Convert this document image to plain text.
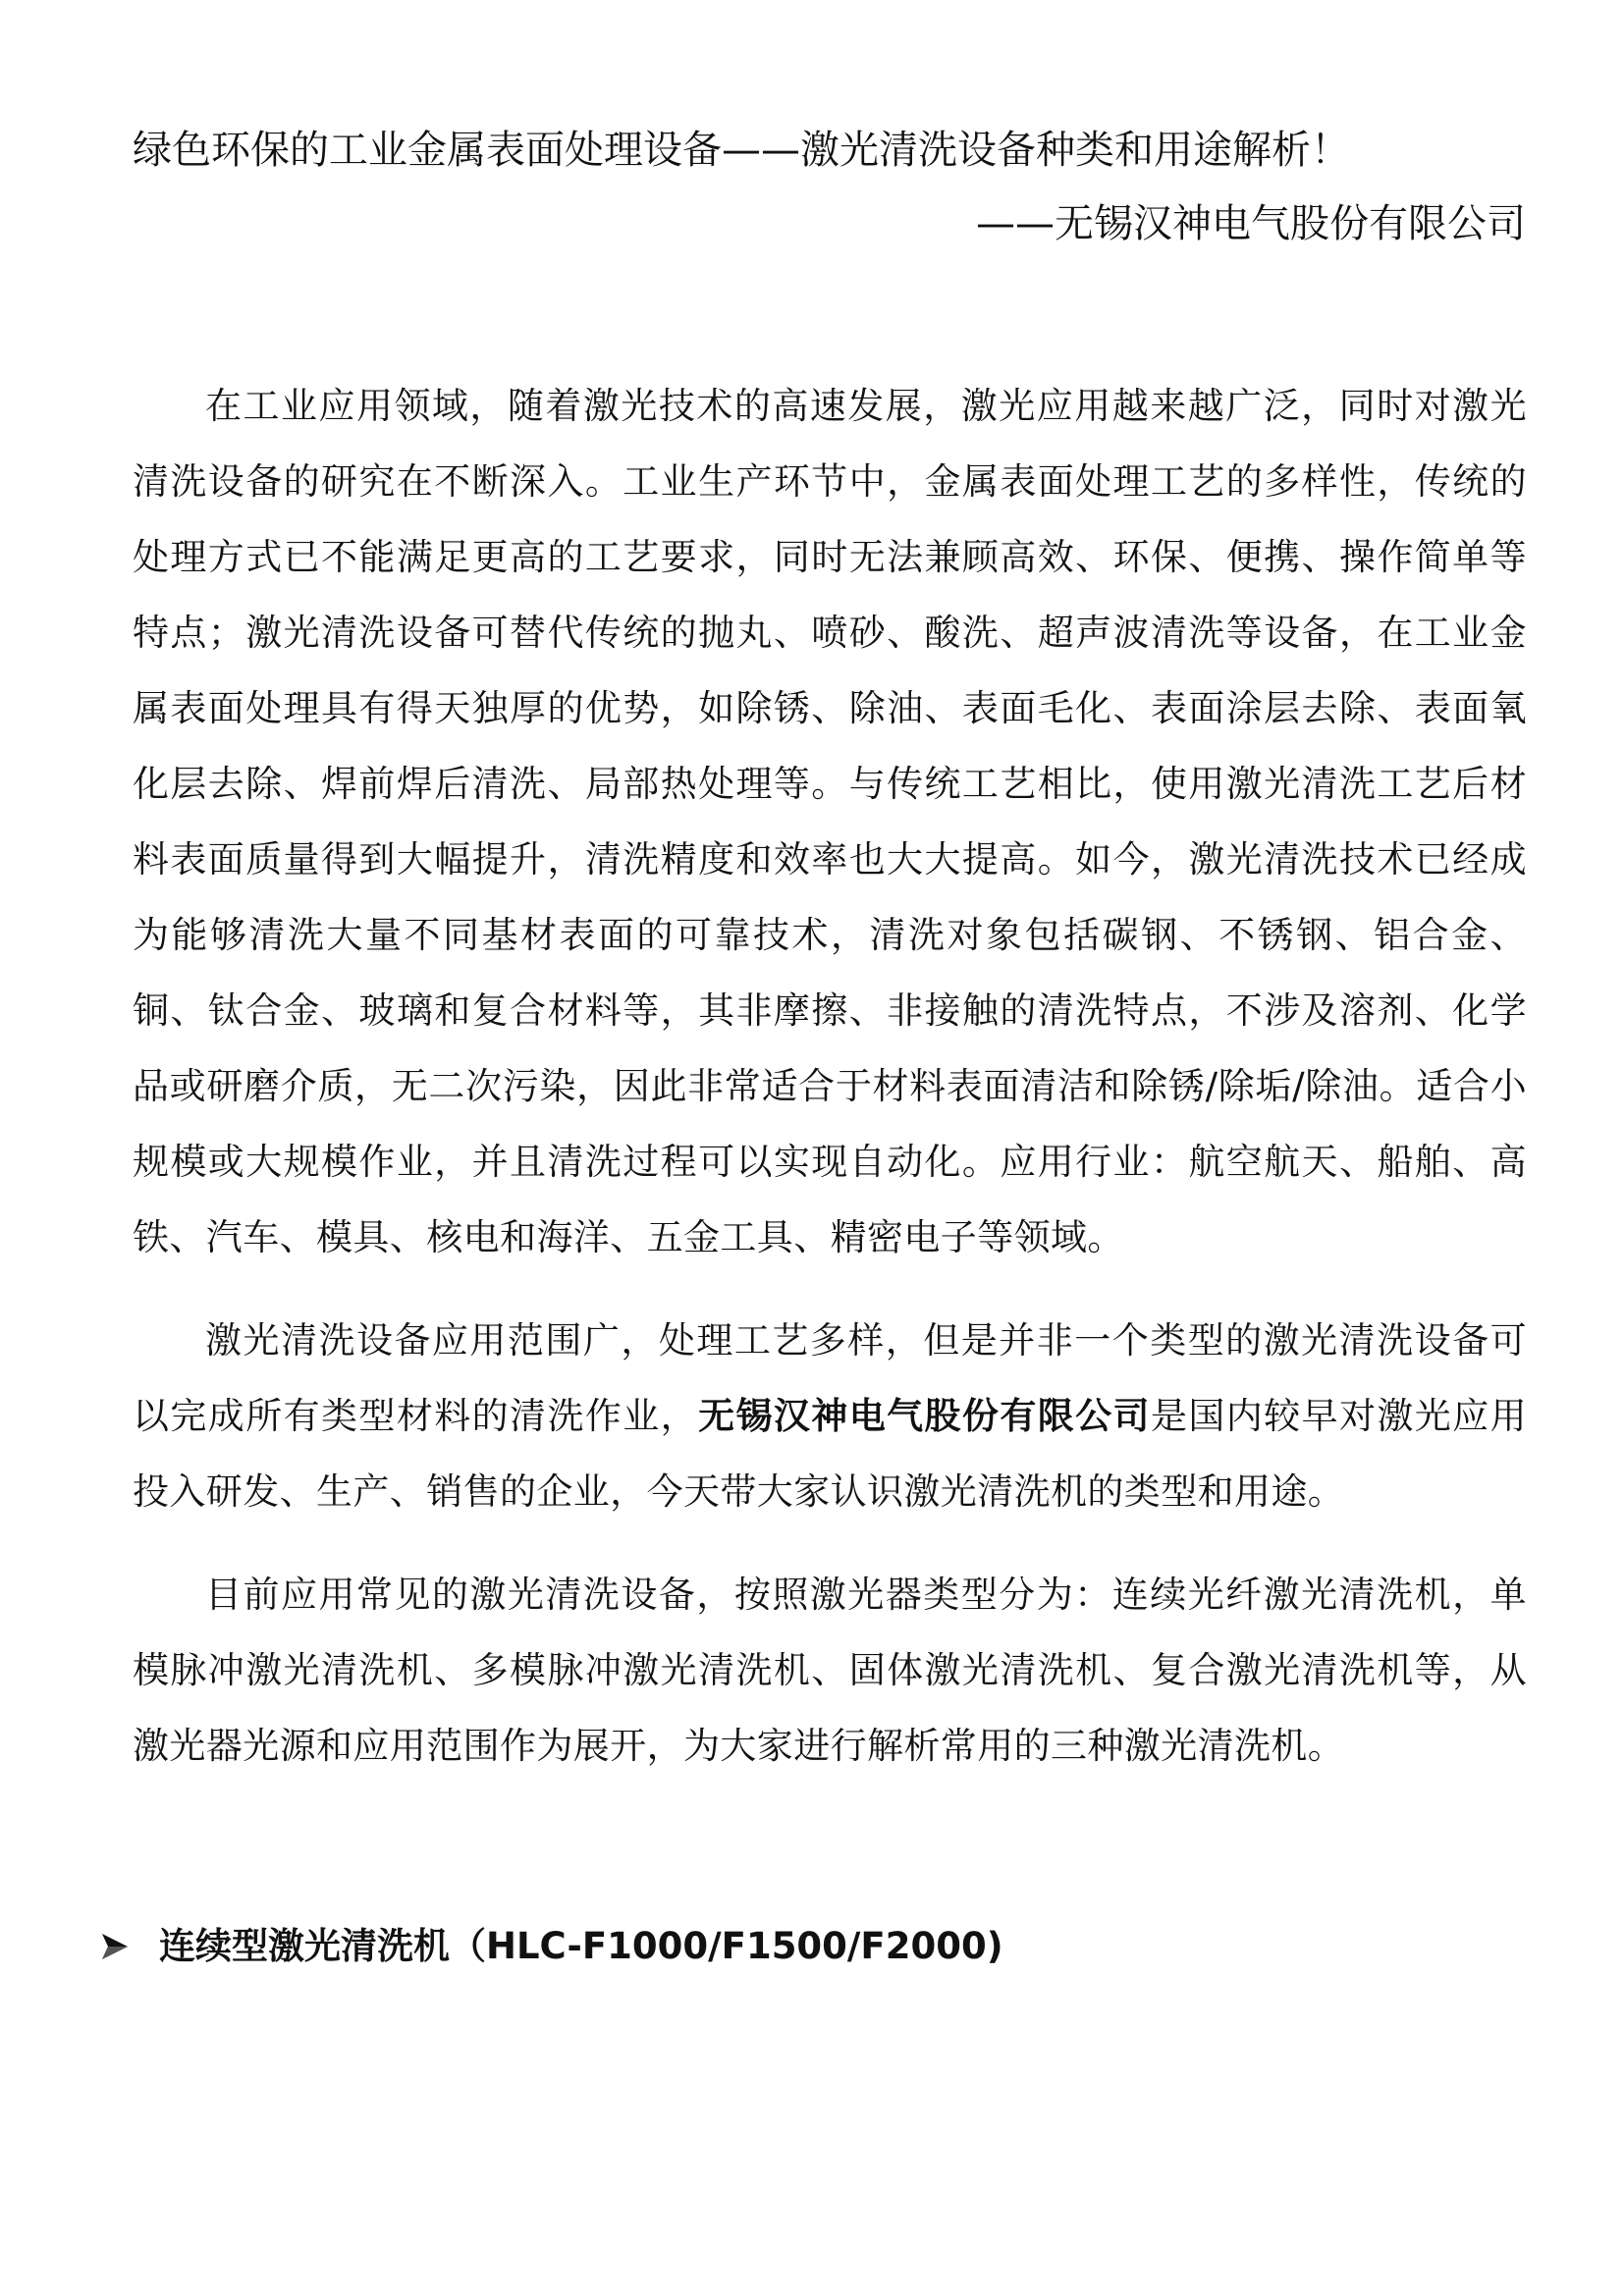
绿色环保的工业金属表面处理设备——激光清洗设备种类和用途解析！

——无锡汉神电气股份有限公司

在工业应用领域，随着激光技术的高速发展，激光应用越来越广泛，同时对激光清洗设备的研究在不断深入。工业生产环节中，金属表面处理工艺的多样性，传统的处理方式已不能满足更高的工艺要求，同时无法兼顾高效、环保、便携、操作简单等特点；激光清洗设备可替代传统的抛丸、喷砂、酸洗、超声波清洗等设备，在工业金属表面处理具有得天独厚的优势，如除锈、除油、表面毛化、表面涂层去除、表面氧化层去除、焊前焊后清洗、局部热处理等。与传统工艺相比，使用激光清洗工艺后材料表面质量得到大幅提升，清洗精度和效率也大大提高。如今，激光清洗技术已经成为能够清洗大量不同基材表面的可靠技术，清洗对象包括碳钢、不锈钢、铝合金、铜、钛合金、玻璃和复合材料等，其非摩擦、非接触的清洗特点，不涉及溶剂、化学品或研磨介质，无二次污染，因此非常适合于材料表面清洁和除锈/除垢/除油。适合小规模或大规模作业，并且清洗过程可以实现自动化。应用行业：航空航天、船舶、高铁、汽车、模具、核电和海洋、五金工具、精密电子等领域。

激光清洗设备应用范围广，处理工艺多样，但是并非一个类型的激光清洗设备可以完成所有类型材料的清洗作业，无锡汉神电气股份有限公司是国内较早对激光应用投入研发、生产、销售的企业，今天带大家认识激光清洗机的类型和用途。

目前应用常见的激光清洗设备，按照激光器类型分为：连续光纤激光清洗机，单模脉冲激光清洗机、多模脉冲激光清洗机、固体激光清洗机、复合激光清洗机等，从激光器光源和应用范围作为展开，为大家进行解析常用的三种激光清洗机。

连续型激光清洗机（HLC-F1000/F1500/F2000)
